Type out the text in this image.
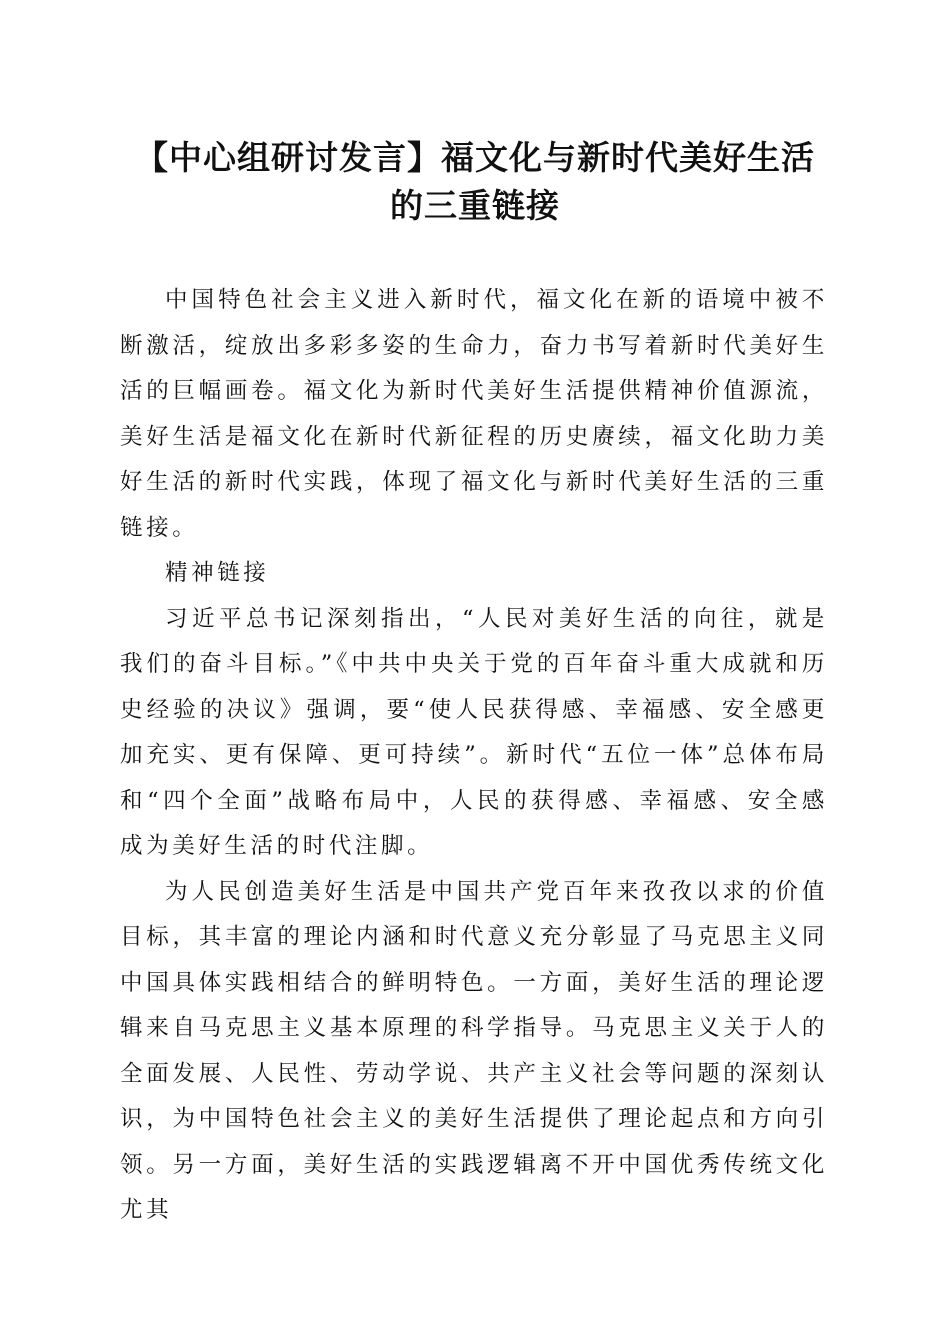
【中心组研讨发言】福文化与新时代美好生活
的三重链接

中国特色社会主义进入新时代，福文化在新的语境中被不断激活，绽放出多彩多姿的生命力，奋力书写着新时代美好生活的巨幅画卷。福文化为新时代美好生活提供精神价值源流，美好生活是福文化在新时代新征程的历史赓续，福文化助力美好生活的新时代实践，体现了福文化与新时代美好生活的三重链接。

精神链接

习近平总书记深刻指出，“人民对美好生活的向往，就是我们的奋斗目标。”《中共中央关于党的百年奋斗重大成就和历史经验的决议》强调，要“使人民获得感、幸福感、安全感更加充实、更有保障、更可持续”。新时代“五位一体”总体布局和“四个全面”战略布局中，人民的获得感、幸福感、安全感成为美好生活的时代注脚。

为人民创造美好生活是中国共产党百年来孜孜以求的价值目标，其丰富的理论内涵和时代意义充分彰显了马克思主义同中国具体实践相结合的鲜明特色。一方面，美好生活的理论逻辑来自马克思主义基本原理的科学指导。马克思主义关于人的全面发展、人民性、劳动学说、共产主义社会等问题的深刻认识，为中国特色社会主义的美好生活提供了理论起点和方向引领。另一方面，美好生活的实践逻辑离不开中国优秀传统文化尤其
